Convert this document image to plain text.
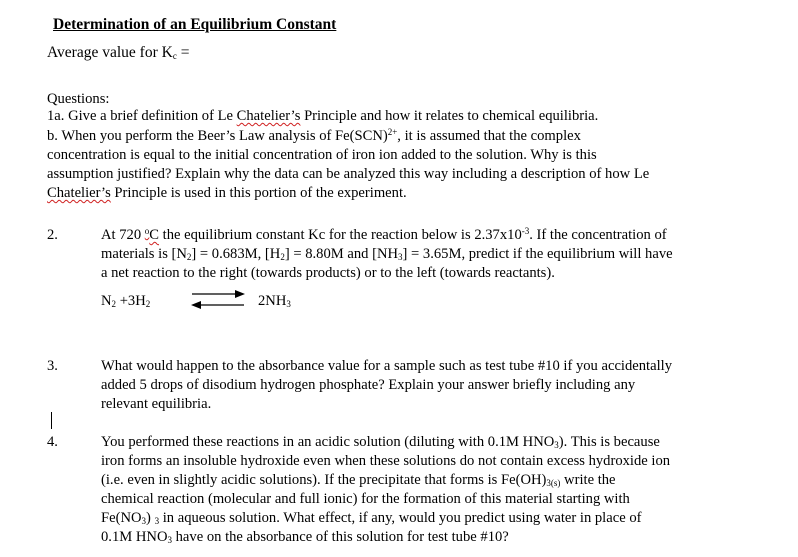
Determination of an Equilibrium Constant
Average value for $K_c$ =
Questions:
1a. Give a brief definition of Le Chatelier’s Principle and how it relates to chemical equilibria.
b. When you perform the Beer’s Law analysis of Fe(SCN)$^{2+}$, it is assumed that the complex
concentration is equal to the initial concentration of iron ion added to the solution. Why is this
assumption justified? Explain why the data can be analyzed this way including a description of how Le
Chatelier’s Principle is used in this portion of the experiment.
2.	At 720 $^o$C the equilibrium constant Kc for the reaction below is $2.37x10^{-3}$. If the concentration of
materials is $[N_2] = 0.683M$, $[H_2] = 8.80M$ and $[NH_3] = 3.65M$, predict if the equilibrium will have
a net reaction to the right (towards products) or to the left (towards reactants).
$N_2 +3H_2$	$2NH_3$
3.	What would happen to the absorbance value for a sample such as test tube #10 if you accidentally
added 5 drops of disodium hydrogen phosphate? Explain your answer briefly including any
relevant equilibria.
4.	You performed these reactions in an acidic solution (diluting with 0.1M $HNO_3$). This is because
iron forms an insoluble hydroxide even when these solutions do not contain excess hydroxide ion
(i.e. even in slightly acidic solutions). If the precipitate that forms is $Fe(OH)_{3(s)}$ write the
chemical reaction (molecular and full ionic) for the formation of this material starting with
$Fe(NO_3)$ $_3$ in aqueous solution. What effect, if any, would you predict using water in place of
0.1M $HNO_3$ have on the absorbance of this solution for test tube #10?
